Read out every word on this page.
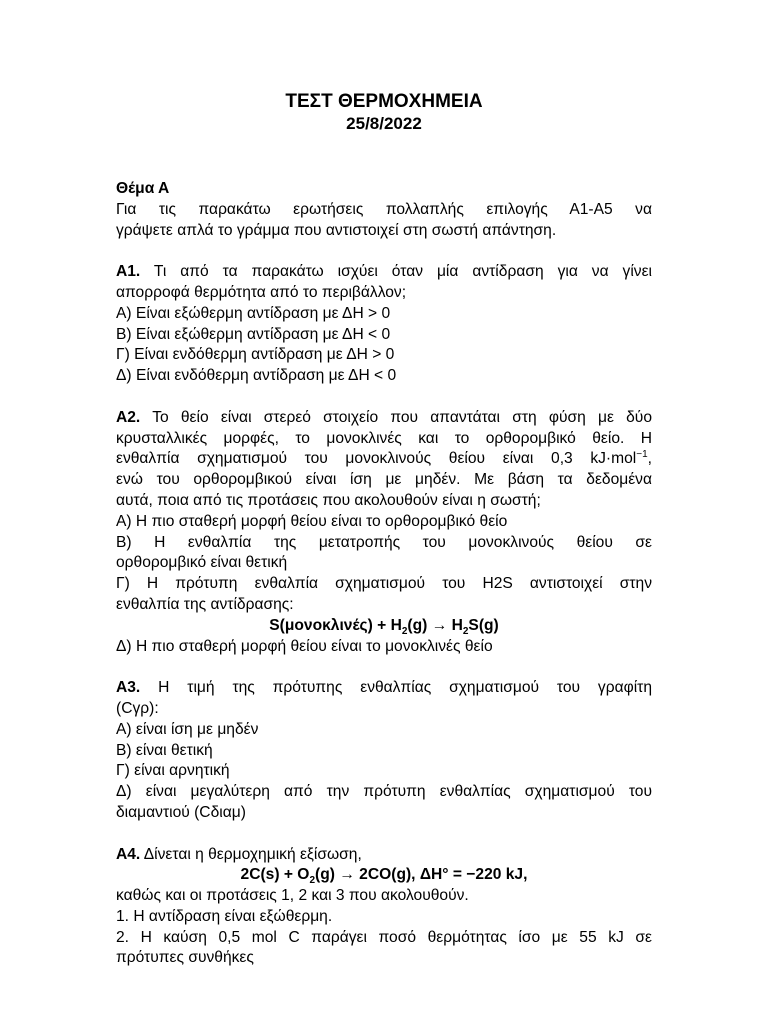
ΤΕΣΤ ΘΕΡΜΟΧΗΜΕΙΑ
25/8/2022
Θέμα Α
Για τις παρακάτω ερωτήσεις πολλαπλής επιλογής Α1-Α5 να
γράψετε απλά το γράμμα που αντιστοιχεί στη σωστή απάντηση.
Α1. Τι από τα παρακάτω ισχύει όταν μία αντίδραση για να γίνει
απορροφά θερμότητα από το περιβάλλον;
Α) Είναι εξώθερμη αντίδραση με ΔΗ > 0
Β) Είναι εξώθερμη αντίδραση με ΔΗ < 0
Γ) Είναι ενδόθερμη αντίδραση με ΔΗ > 0
Δ) Είναι ενδόθερμη αντίδραση με ΔΗ < 0
Α2. Το θείο είναι στερεό στοιχείο που απαντάται στη φύση με δύο
κρυσταλλικές μορφές, το μονοκλινές και το ορθορομβικό θείο. Η
ενθαλπία σχηματισμού του μονοκλινούς θείου είναι 0,3 kJ·mol$^{-1}$,
ενώ του ορθορομβικού είναι ίση με μηδέν. Με βάση τα δεδομένα
αυτά, ποια από τις προτάσεις που ακολουθούν είναι η σωστή;
Α) Η πιο σταθερή μορφή θείου είναι το ορθορομβικό θείο
Β) Η ενθαλπία της μετατροπής του μονοκλινούς θείου σε
ορθορομβικό είναι θετική
Γ) Η πρότυπη ενθαλπία σχηματισμού του H2S αντιστοιχεί στην
ενθαλπία της αντίδρασης:
$S(\mu o\nu o\kappa\lambda\iota\nu έ\varsigma) + H_2(g) \to H_2S(g)$
Δ) Η πιο σταθερή μορφή θείου είναι το μονοκλινές θείο
Α3. Η τιμή της πρότυπης ενθαλπίας σχηματισμού του γραφίτη
(Cγρ):
Α) είναι ίση με μηδέν
Β) είναι θετική
Γ) είναι αρνητική
Δ) είναι μεγαλύτερη από την πρότυπη ενθαλπίας σχηματισμού του
διαμαντιού (Cδιαμ)
Α4. Δίνεται η θερμοχημική εξίσωση,
$2C(s) + O_2(g) \to 2CO(g)$, ΔΗ° = −220 kJ,
καθώς και οι προτάσεις 1, 2 και 3 που ακολουθούν.
1. Η αντίδραση είναι εξώθερμη.
2. Η καύση 0,5 mol C παράγει ποσό θερμότητας ίσο με 55 kJ σε
πρότυπες συνθήκες
